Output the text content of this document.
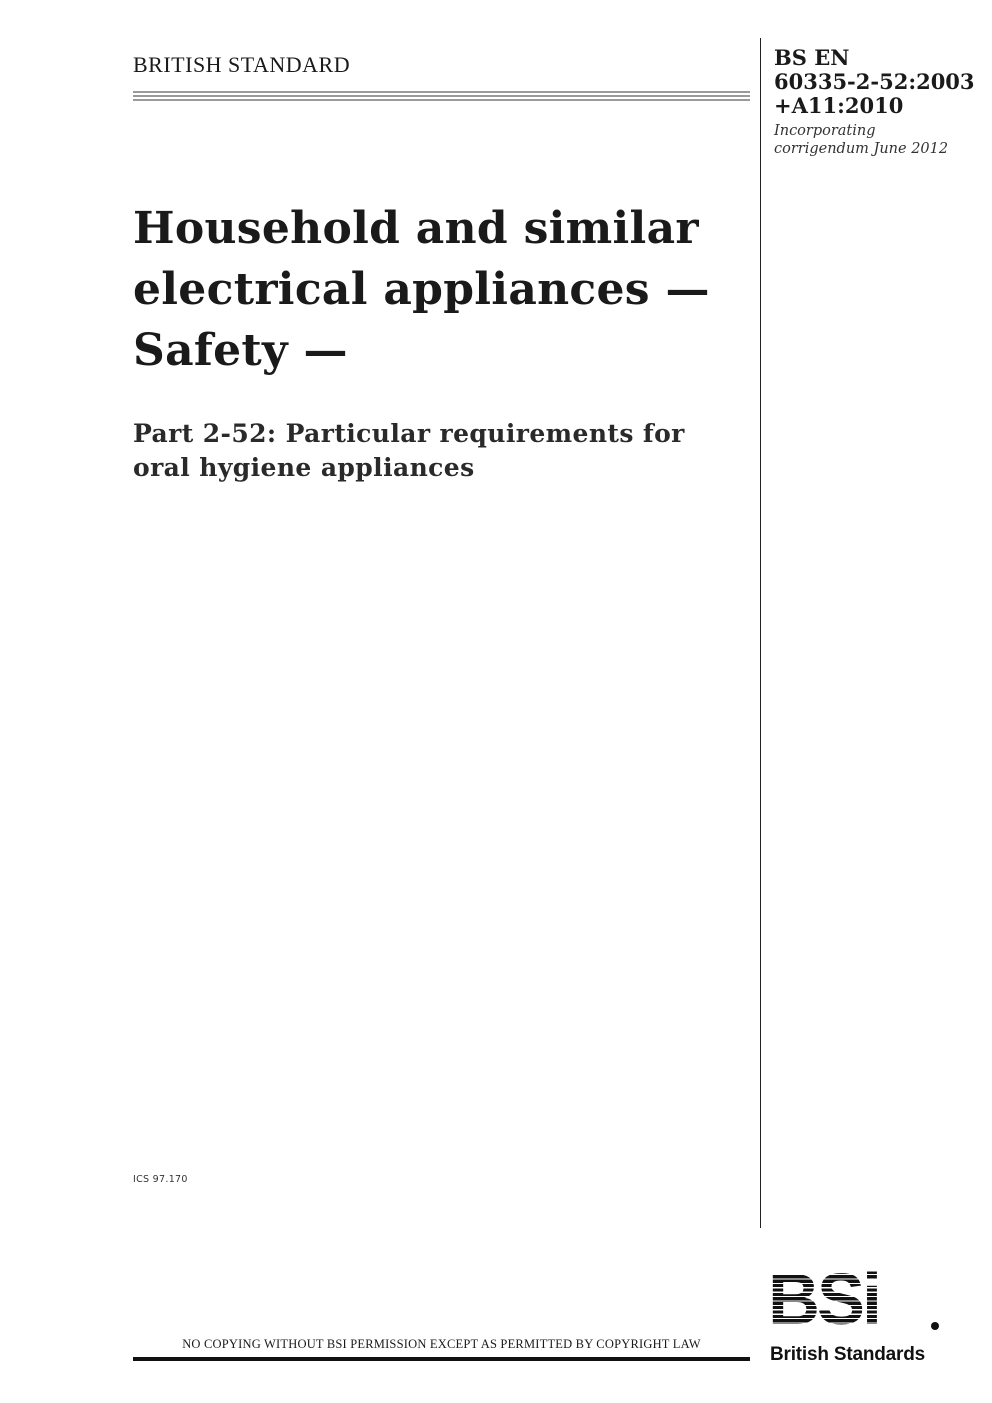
BRITISH STANDARD	BS EN
60335-2-52:2003
+A11:2010
Incorporating
corrigendum June 2012
Household and similar
electrical appliances —
Safety —
Part 2-52: Particular requirements for
oral hygiene appliances
ICS 97.170
NO COPYING WITHOUT BSI PERMISSION EXCEPT AS PERMITTED BY COPYRIGHT LAW
BSi
British Standards
